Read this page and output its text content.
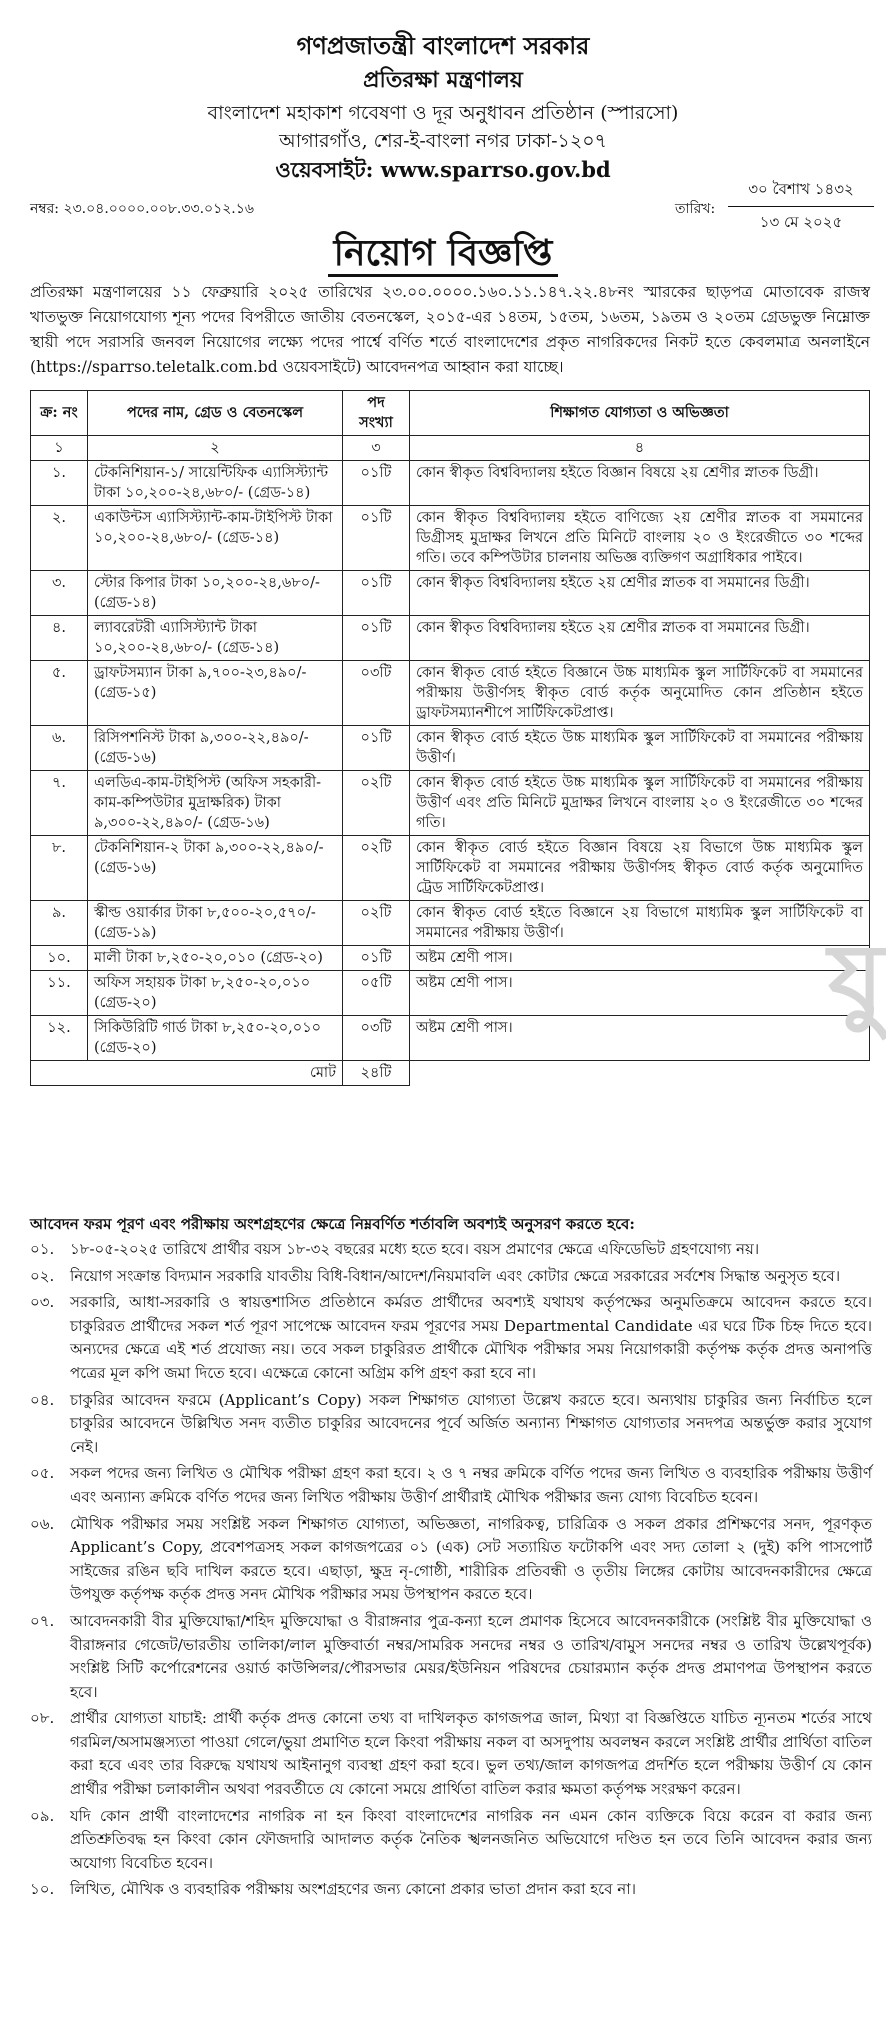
গণপ্রজাতন্ত্রী বাংলাদেশ সরকার
প্রতিরক্ষা মন্ত্রণালয়
বাংলাদেশ মহাকাশ গবেষণা ও দূর অনুধাবন প্রতিষ্ঠান (স্পারসো)
আগারগাঁও, শের-ই-বাংলা নগর ঢাকা-১২০৭
ওয়েবসাইট: www.sparrso.gov.bd
নম্বর: ২৩.০৪.০০০০.০০৮.৩৩.০১২.১৬	তারিখ:
৩০ বৈশাখ ১৪৩২
১৩ মে ২০২৫
নিয়োগ বিজ্ঞপ্তি
প্রতিরক্ষা মন্ত্রণালয়ের ১১ ফেব্রুয়ারি ২০২৫ তারিখের ২৩.০০.০০০০.১৬০.১১.১৪৭.২২.৪৮নং স্মারকের ছাড়পত্র মোতাবেক রাজস্ব খাতভুক্ত নিয়োগযোগ্য শূন্য পদের বিপরীতে জাতীয় বেতনস্কেল, ২০১৫-এর ১৪তম, ১৫তম, ১৬তম, ১৯তম ও ২০তম গ্রেডভুক্ত নিম্নোক্ত স্থায়ী পদে সরাসরি জনবল নিয়োগের লক্ষ্যে পদের পার্শ্বে বর্ণিত শর্তে বাংলাদেশের প্রকৃত নাগরিকদের নিকট হতে কেবলমাত্র অনলাইনে (https://sparrso.teletalk.com.bd ওয়েবসাইটে) আবেদনপত্র আহ্বান করা যাচ্ছে।
ক্র: নং	পদের নাম, গ্রেড ও বেতনস্কেল	পদ সংখ্যা	শিক্ষাগত যোগ্যতা ও অভিজ্ঞতা
১	২	৩	৪
১.	টেকনিশিয়ান-১/ সায়েন্টিফিক এ্যাসিস্ট্যান্ট টাকা ১০,২০০-২৪,৬৮০/- (গ্রেড-১৪)	০১টি	কোন স্বীকৃত বিশ্ববিদ্যালয় হইতে বিজ্ঞান বিষয়ে ২য় শ্রেণীর স্নাতক ডিগ্রী।
২.	একাউন্টস এ্যাসিস্ট্যান্ট-কাম-টাইপিস্ট টাকা ১০,২০০-২৪,৬৮০/- (গ্রেড-১৪)	০১টি	কোন স্বীকৃত বিশ্ববিদ্যালয় হইতে বাণিজ্যে ২য় শ্রেণীর স্নাতক বা সমমানের ডিগ্রীসহ মুদ্রাক্ষর লিখনে প্রতি মিনিটে বাংলায় ২০ ও ইংরেজীতে ৩০ শব্দের গতি। তবে কম্পিউটার চালনায় অভিজ্ঞ ব্যক্তিগণ অগ্রাধিকার পাইবে।
৩.	স্টোর কিপার টাকা ১০,২০০-২৪,৬৮০/- (গ্রেড-১৪)	০১টি	কোন স্বীকৃত বিশ্ববিদ্যালয় হইতে ২য় শ্রেণীর স্নাতক বা সমমানের ডিগ্রী।
৪.	ল্যাবরেটরী এ্যাসিস্ট্যান্ট টাকা ১০,২০০-২৪,৬৮০/- (গ্রেড-১৪)	০১টি	কোন স্বীকৃত বিশ্ববিদ্যালয় হইতে ২য় শ্রেণীর স্নাতক বা সমমানের ডিগ্রী।
৫.	ড্রাফটসম্যান টাকা ৯,৭০০-২৩,৪৯০/- (গ্রেড-১৫)	০৩টি	কোন স্বীকৃত বোর্ড হইতে বিজ্ঞানে উচ্চ মাধ্যমিক স্কুল সার্টিফিকেট বা সমমানের পরীক্ষায় উত্তীর্ণসহ স্বীকৃত বোর্ড কর্তৃক অনুমোদিত কোন প্রতিষ্ঠান হইতে ড্রাফটসম্যানশীপে সার্টিফিকেটপ্রাপ্ত।
৬.	রিসিপশনিস্ট টাকা ৯,৩০০-২২,৪৯০/- (গ্রেড-১৬)	০১টি	কোন স্বীকৃত বোর্ড হইতে উচ্চ মাধ্যমিক স্কুল সার্টিফিকেট বা সমমানের পরীক্ষায় উত্তীর্ণ।
৭.	এলডিএ-কাম-টাইপিস্ট (অফিস সহকারী-কাম-কম্পিউটার মুদ্রাক্ষরিক) টাকা ৯,৩০০-২২,৪৯০/- (গ্রেড-১৬)	০২টি	কোন স্বীকৃত বোর্ড হইতে উচ্চ মাধ্যমিক স্কুল সার্টিফিকেট বা সমমানের পরীক্ষায় উত্তীর্ণ এবং প্রতি মিনিটে মুদ্রাক্ষর লিখনে বাংলায় ২০ ও ইংরেজীতে ৩০ শব্দের গতি।
৮.	টেকনিশিয়ান-২ টাকা ৯,৩০০-২২,৪৯০/- (গ্রেড-১৬)	০২টি	কোন স্বীকৃত বোর্ড হইতে বিজ্ঞান বিষয়ে ২য় বিভাগে উচ্চ মাধ্যমিক স্কুল সার্টিফিকেট বা সমমানের পরীক্ষায় উত্তীর্ণসহ স্বীকৃত বোর্ড কর্তৃক অনুমোদিত ট্রেড সার্টিফিকেটপ্রাপ্ত।
৯.	স্কীল্ড ওয়ার্কার টাকা ৮,৫০০-২০,৫৭০/- (গ্রেড-১৯)	০২টি	কোন স্বীকৃত বোর্ড হইতে বিজ্ঞানে ২য় বিভাগে মাধ্যমিক স্কুল সার্টিফিকেট বা সমমানের পরীক্ষায় উত্তীর্ণ।
১০.	মালী টাকা ৮,২৫০-২০,০১০ (গ্রেড-২০)	০১টি	অষ্টম শ্রেণী পাস।
১১.	অফিস সহায়ক টাকা ৮,২৫০-২০,০১০ (গ্রেড-২০)	০৫টি	অষ্টম শ্রেণী পাস।
১২.	সিকিউরিটি গার্ড টাকা ৮,২৫০-২০,০১০ (গ্রেড-২০)	০৩টি	অষ্টম শ্রেণী পাস।
মোট		২৪টি	
আবেদন ফরম পূরণ এবং পরীক্ষায় অংশগ্রহণের ক্ষেত্রে নিম্নবর্ণিত শর্তাবলি অবশ্যই অনুসরণ করতে হবে:
০১.	১৮-০৫-২০২৫ তারিখে প্রার্থীর বয়স ১৮-৩২ বছরের মধ্যে হতে হবে। বয়স প্রমাণের ক্ষেত্রে এফিডেভিট গ্রহণযোগ্য নয়।
০২.	নিয়োগ সংক্রান্ত বিদ্যমান সরকারি যাবতীয় বিধি-বিধান/আদেশ/নিয়মাবলি এবং কোটার ক্ষেত্রে সরকারের সর্বশেষ সিদ্ধান্ত অনুসৃত হবে।
০৩.	সরকারি, আধা-সরকারি ও স্বায়ত্তশাসিত প্রতিষ্ঠানে কর্মরত প্রার্থীদের অবশ্যই যথাযথ কর্তৃপক্ষের অনুমতিক্রমে আবেদন করতে হবে। চাকুরিরত প্রার্থীদের সকল শর্ত পূরণ সাপেক্ষে আবেদন ফরম পূরণের সময় Departmental Candidate এর ঘরে টিক চিহ্ন দিতে হবে। অন্যদের ক্ষেত্রে এই শর্ত প্রযোজ্য নয়। তবে সকল চাকুরিরত প্রার্থীকে মৌখিক পরীক্ষার সময় নিয়োগকারী কর্তৃপক্ষ কর্তৃক প্রদত্ত অনাপত্তি পত্রের মূল কপি জমা দিতে হবে। এক্ষেত্রে কোনো অগ্রিম কপি গ্রহণ করা হবে না।
০৪.	চাকুরির আবেদন ফরমে (Applicant’s Copy) সকল শিক্ষাগত যোগ্যতা উল্লেখ করতে হবে। অন্যথায় চাকুরির জন্য নির্বাচিত হলে চাকুরির আবেদনে উল্লিখিত সনদ ব্যতীত চাকুরির আবেদনের পূর্বে অর্জিত অন্যান্য শিক্ষাগত যোগ্যতার সনদপত্র অন্তর্ভুক্ত করার সুযোগ নেই।
০৫.	সকল পদের জন্য লিখিত ও মৌখিক পরীক্ষা গ্রহণ করা হবে। ২ ও ৭ নম্বর ক্রমিকে বর্ণিত পদের জন্য লিখিত ও ব্যবহারিক পরীক্ষায় উত্তীর্ণ এবং অন্যান্য ক্রমিকে বর্ণিত পদের জন্য লিখিত পরীক্ষায় উত্তীর্ণ প্রার্থীরাই মৌখিক পরীক্ষার জন্য যোগ্য বিবেচিত হবেন।
০৬.	মৌখিক পরীক্ষার সময় সংশ্লিষ্ট সকল শিক্ষাগত যোগ্যতা, অভিজ্ঞতা, নাগরিকত্ব, চারিত্রিক ও সকল প্রকার প্রশিক্ষণের সনদ, পূরণকৃত Applicant’s Copy, প্রবেশপত্রসহ সকল কাগজপত্রের ০১ (এক) সেট সত্যায়িত ফটোকপি এবং সদ্য তোলা ২ (দুই) কপি পাসপোর্ট সাইজের রঙিন ছবি দাখিল করতে হবে। এছাড়া, ক্ষুদ্র নৃ-গোষ্ঠী, শারীরিক প্রতিবন্ধী ও তৃতীয় লিঙ্গের কোটায় আবেদনকারীদের ক্ষেত্রে উপযুক্ত কর্তৃপক্ষ কর্তৃক প্রদত্ত সনদ মৌখিক পরীক্ষার সময় উপস্থাপন করতে হবে।
০৭.	আবেদনকারী বীর মুক্তিযোদ্ধা/শহিদ মুক্তিযোদ্ধা ও বীরাঙ্গনার পুত্র-কন্যা হলে প্রমাণক হিসেবে আবেদনকারীকে (সংশ্লিষ্ট বীর মুক্তিযোদ্ধা ও বীরাঙ্গনার গেজেট/ভারতীয় তালিকা/লাল মুক্তিবার্তা নম্বর/সামরিক সনদের নম্বর ও তারিখ/বামুস সনদের নম্বর ও তারিখ উল্লেখপূর্বক) সংশ্লিষ্ট সিটি কর্পোরেশনের ওয়ার্ড কাউন্সিলর/পৌরসভার মেয়র/ইউনিয়ন পরিষদের চেয়ারম্যান কর্তৃক প্রদত্ত প্রমাণপত্র উপস্থাপন করতে হবে।
০৮.	প্রার্থীর যোগ্যতা যাচাই: প্রার্থী কর্তৃক প্রদত্ত কোনো তথ্য বা দাখিলকৃত কাগজপত্র জাল, মিথ্যা বা বিজ্ঞপ্তিতে যাচিত ন্যূনতম শর্তের সাথে গরমিল/অসামঞ্জস্যতা পাওয়া গেলে/ভুয়া প্রমাণিত হলে কিংবা পরীক্ষায় নকল বা অসদুপায় অবলম্বন করলে সংশ্লিষ্ট প্রার্থীর প্রার্থিতা বাতিল করা হবে এবং তার বিরুদ্ধে যথাযথ আইনানুগ ব্যবস্থা গ্রহণ করা হবে। ভুল তথ্য/জাল কাগজপত্র প্রদর্শিত হলে পরীক্ষায় উত্তীর্ণ যে কোন প্রার্থীর পরীক্ষা চলাকালীন অথবা পরবর্তীতে যে কোনো সময়ে প্রার্থিতা বাতিল করার ক্ষমতা কর্তৃপক্ষ সংরক্ষণ করেন।
০৯.	যদি কোন প্রার্থী বাংলাদেশের নাগরিক না হন কিংবা বাংলাদেশের নাগরিক নন এমন কোন ব্যক্তিকে বিয়ে করেন বা করার জন্য প্রতিশ্রুতিবদ্ধ হন কিংবা কোন ফৌজদারি আদালত কর্তৃক নৈতিক স্খলনজনিত অভিযোগে দণ্ডিত হন তবে তিনি আবেদন করার জন্য অযোগ্য বিবেচিত হবেন।
১০.	লিখিত, মৌখিক ও ব্যবহারিক পরীক্ষায় অংশগ্রহণের জন্য কোনো প্রকার ভাতা প্রদান করা হবে না।
যু
